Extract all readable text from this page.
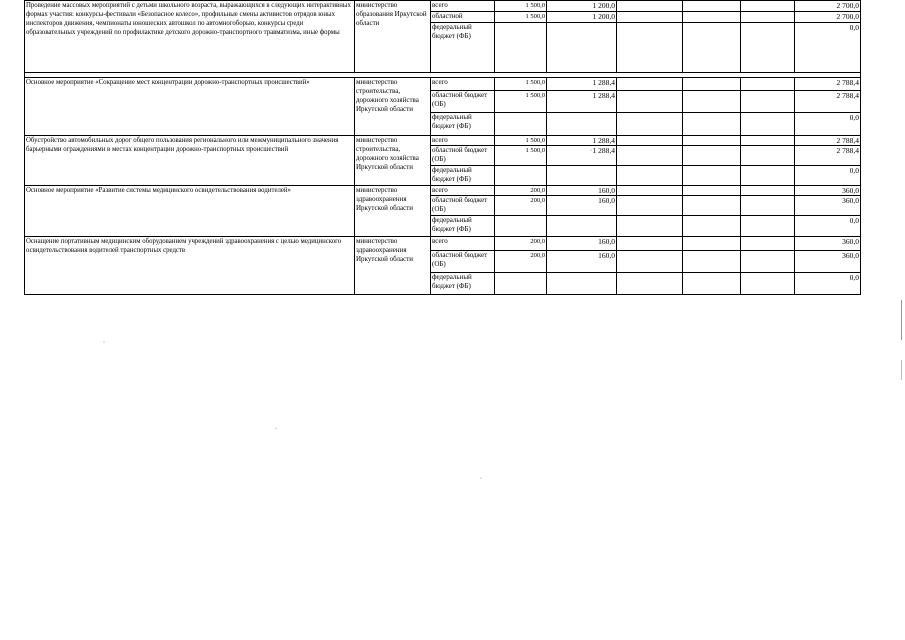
Проведение массовых мероприятий с детьми школьного возраста, выражающихся в следующих интерактивных формах участия: конкурсы-фестивали «Безопасное колесо», профильные смены активистов отрядов юных инспекторов движения, чемпионаты юношеских автошкол по автомногоборью, конкурсы среди образовательных учреждений по профилактике детского дорожно-транспортного травматизма, иные формы	министерство образования Иркутской области	всего	1 500,0	1 200,0				2 700,0
		областной	1 500,0	1 200,0				2 700,0
		федеральный бюджет (ФБ)						0,0

Основное мероприятие «Сокращение мест концентрации дорожно-транспортных происшествий»	министерство строительства, дорожного хозяйства Иркутской области	всего	1 500,0	1 288,4				2 788,4
		областной бюджет (ОБ)	1 500,0	1 288,4				2 788,4
		федеральный бюджет (ФБ)						0,0
Обустройство автомобильных дорог общего пользования регионального или межмуниципального значения барьерными ограждениями в местах концентрации дорожно-транспортных происшествий	министерство строительства, дорожного хозяйства Иркутской области	всего	1 500,0	1 288,4				2 788,4
		областной бюджет (ОБ)	1 500,0	1 288,4				2 788,4
		федеральный бюджет (ФБ)						0,0
Основное мероприятие «Развитие системы медицинского освидетельствования водителей»	министерство здравоохранения Иркутской области	всего	200,0	160,0				360,0
		областной бюджет (ОБ)	200,0	160,0				360,0
		федеральный бюджет (ФБ)						0,0
Оснащение портативным медицинским оборудованием учреждений здравоохранения с целью медицинского освидетельствования водителей транспортных средств	министерство здравоохранения Иркутской области	всего	200,0	160,0				360,0
		областной бюджет (ОБ)	200,0	160,0				360,0
		федеральный бюджет (ФБ)						0,0
·
·
·
·
